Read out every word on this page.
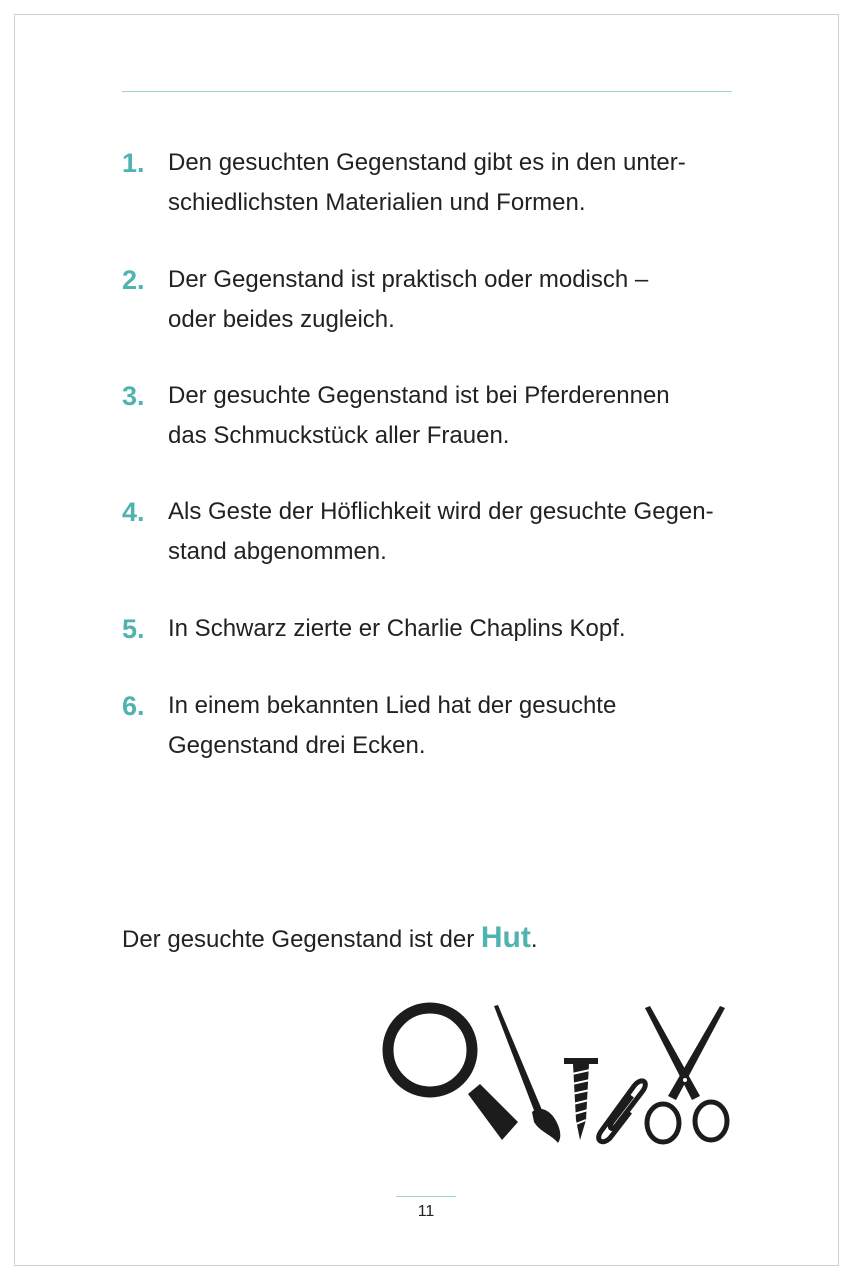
1. Den gesuchten Gegenstand gibt es in den unter-
schiedlichsten Materialien und Formen.
2. Der Gegenstand ist praktisch oder modisch –
oder beides zugleich.
3. Der gesuchte Gegenstand ist bei Pferderennen
das Schmuckstück aller Frauen.
4. Als Geste der Höflichkeit wird der gesuchte Gegen-
stand abgenommen.
5. In Schwarz zierte er Charlie Chaplins Kopf.
6. In einem bekannten Lied hat der gesuchte
Gegenstand drei Ecken.
Der gesuchte Gegenstand ist der Hut.
11
